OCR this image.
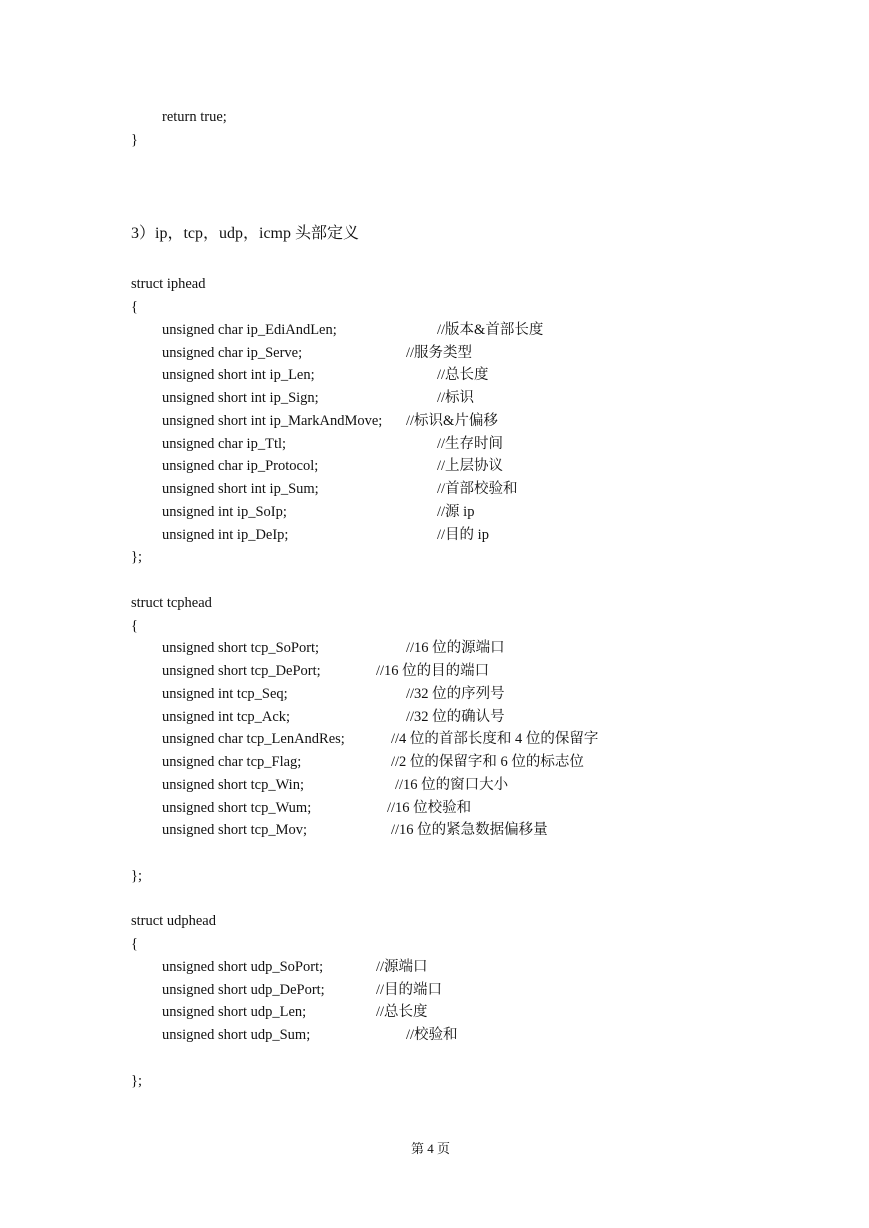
return true;
}
3）ip，tcp，udp，icmp 头部定义
struct iphead
{
unsigned char ip_EdiAndLen;	//版本&首部长度
unsigned char ip_Serve;	//服务类型
unsigned short int ip_Len;	//总长度
unsigned short int ip_Sign;	//标识
unsigned short int ip_MarkAndMove; //标识&片偏移
unsigned char ip_Ttl;	//生存时间
unsigned char ip_Protocol;	//上层协议
unsigned short int ip_Sum;	//首部校验和
unsigned int ip_SoIp;	//源 ip
unsigned int ip_DeIp;	//目的 ip
};
struct tcphead
{
unsigned short tcp_SoPort;	//16 位的源端口
unsigned short tcp_DePort;	//16 位的目的端口
unsigned int tcp_Seq;	//32 位的序列号
unsigned int tcp_Ack;	//32 位的确认号
unsigned char tcp_LenAndRes;	//4 位的首部长度和 4 位的保留字
unsigned char tcp_Flag;	//2 位的保留字和 6 位的标志位
unsigned short tcp_Win;	//16 位的窗口大小
unsigned short tcp_Wum;	//16 位校验和
unsigned short tcp_Mov;	//16 位的紧急数据偏移量
};
struct udphead
{
unsigned short udp_SoPort;	//源端口
unsigned short udp_DePort;	//目的端口
unsigned short udp_Len;	//总长度
unsigned short udp_Sum;	//校验和
};
第 4 页
